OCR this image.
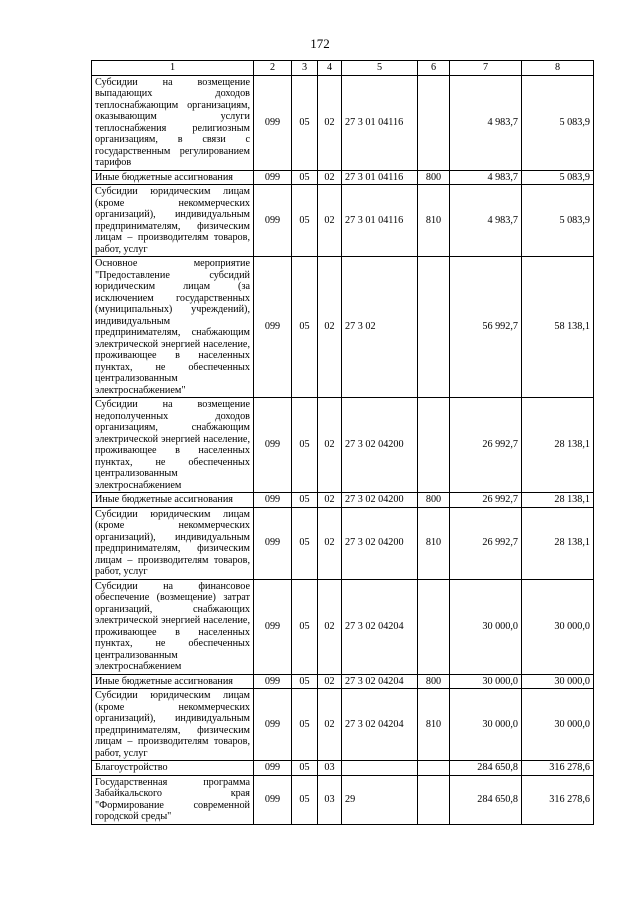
172
1	2	3	4	5	6	7	8
Субсидии на возмещение выпадающих доходов теплоснабжающим организациям, оказывающим услуги теплоснабжения религиозным организациям, в связи с государственным регулированием тарифов	099	05	02	27 3 01 04116		4 983,7	5 083,9
Иные бюджетные ассигнования	099	05	02	27 3 01 04116	800	4 983,7	5 083,9
Субсидии юридическим лицам (кроме некоммерческих организаций), индивидуальным предпринимателям, физическим лицам – производителям товаров, работ, услуг	099	05	02	27 3 01 04116	810	4 983,7	5 083,9
Основное мероприятие "Предоставление субсидий юридическим лицам (за исключением государственных (муниципальных) учреждений), индивидуальным предпринимателям, снабжающим электрической энергией население, проживающее в населенных пунктах, не обеспеченных централизованным электроснабжением"	099	05	02	27 3 02		56 992,7	58 138,1
Субсидии на возмещение недополученных доходов организациям, снабжающим электрической энергией население, проживающее в населенных пунктах, не обеспеченных централизованным электроснабжением	099	05	02	27 3 02 04200		26 992,7	28 138,1
Иные бюджетные ассигнования	099	05	02	27 3 02 04200	800	26 992,7	28 138,1
Субсидии юридическим лицам (кроме некоммерческих организаций), индивидуальным предпринимателям, физическим лицам – производителям товаров, работ, услуг	099	05	02	27 3 02 04200	810	26 992,7	28 138,1
Субсидии на финансовое обеспечение (возмещение) затрат организаций, снабжающих электрической энергией население, проживающее в населенных пунктах, не обеспеченных централизованным электроснабжением	099	05	02	27 3 02 04204		30 000,0	30 000,0
Иные бюджетные ассигнования	099	05	02	27 3 02 04204	800	30 000,0	30 000,0
Субсидии юридическим лицам (кроме некоммерческих организаций), индивидуальным предпринимателям, физическим лицам – производителям товаров, работ, услуг	099	05	02	27 3 02 04204	810	30 000,0	30 000,0
Благоустройство	099	05	03			284 650,8	316 278,6
Государственная программа Забайкальского края "Формирование современной городской среды"	099	05	03	29		284 650,8	316 278,6
